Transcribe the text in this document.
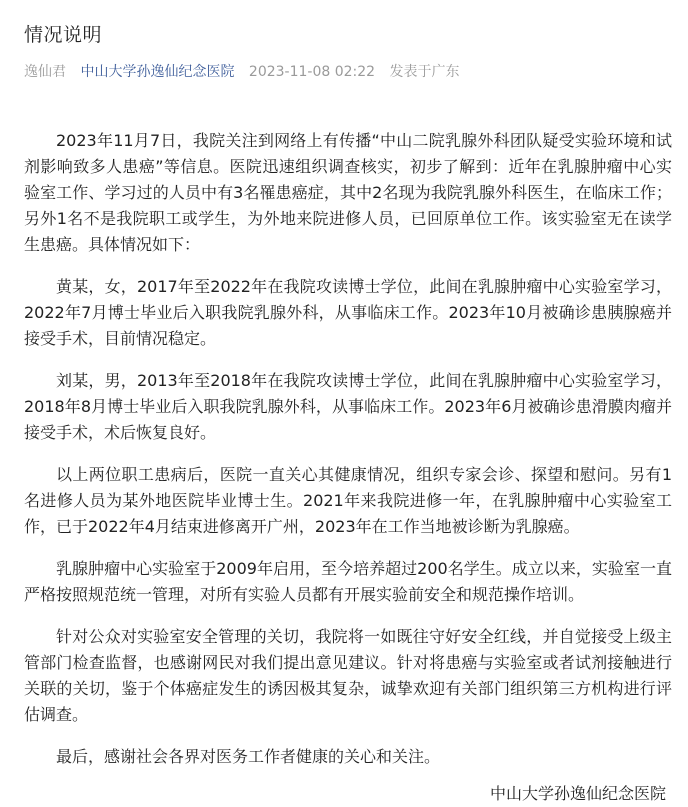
情况说明
逸仙君 中山大学孙逸仙纪念医院 2023-11-08 02:22 发表于广东

2023年11月7日，我院关注到网络上有传播“中山二院乳腺外科团队疑受实验环境和试剂影响致多人患癌”等信息。医院迅速组织调查核实，初步了解到：近年在乳腺肿瘤中心实验室工作、学习过的人员中有3名罹患癌症，其中2名现为我院乳腺外科医生，在临床工作；另外1名不是我院职工或学生，为外地来院进修人员，已回原单位工作。该实验室无在读学生患癌。具体情况如下：

黄某，女，2017年至2022年在我院攻读博士学位，此间在乳腺肿瘤中心实验室学习，2022年7月博士毕业后入职我院乳腺外科，从事临床工作。2023年10月被确诊患胰腺癌并接受手术，目前情况稳定。

刘某，男，2013年至2018年在我院攻读博士学位，此间在乳腺肿瘤中心实验室学习，2018年8月博士毕业后入职我院乳腺外科，从事临床工作。2023年6月被确诊患滑膜肉瘤并接受手术，术后恢复良好。

以上两位职工患病后，医院一直关心其健康情况，组织专家会诊、探望和慰问。另有1名进修人员为某外地医院毕业博士生。2021年来我院进修一年，在乳腺肿瘤中心实验室工作，已于2022年4月结束进修离开广州，2023年在工作当地被诊断为乳腺癌。

乳腺肿瘤中心实验室于2009年启用，至今培养超过200名学生。成立以来，实验室一直严格按照规范统一管理，对所有实验人员都有开展实验前安全和规范操作培训。

针对公众对实验室安全管理的关切，我院将一如既往守好安全红线，并自觉接受上级主管部门检查监督，也感谢网民对我们提出意见建议。针对将患癌与实验室或者试剂接触进行关联的关切，鉴于个体癌症发生的诱因极其复杂，诚挚欢迎有关部门组织第三方机构进行评估调查。

最后，感谢社会各界对医务工作者健康的关心和关注。

中山大学孙逸仙纪念医院
